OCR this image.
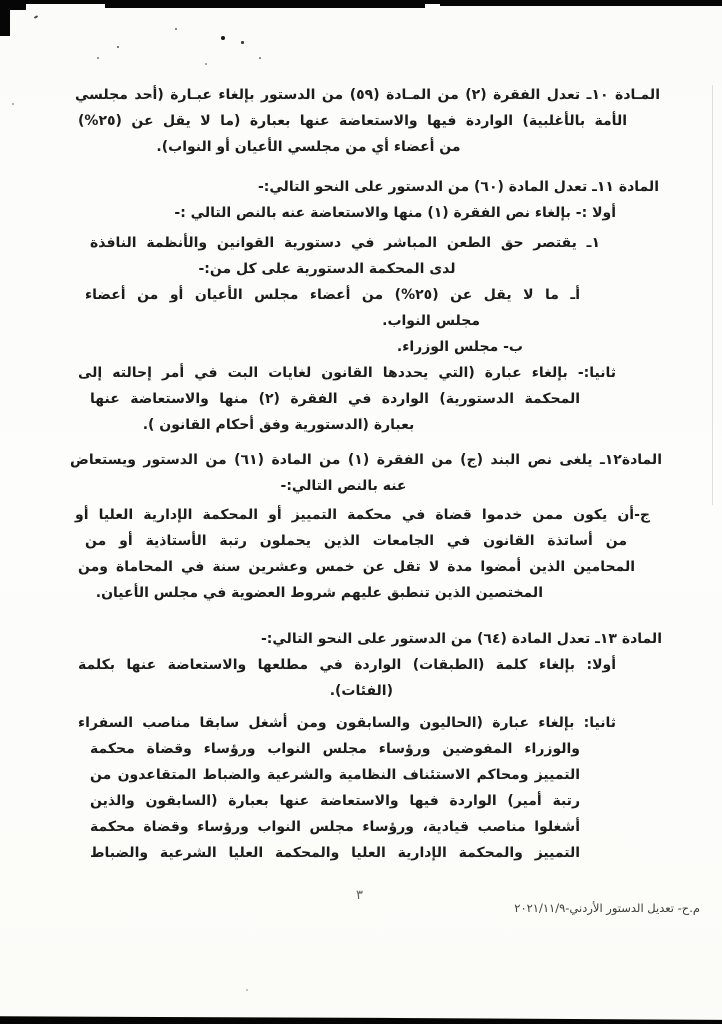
المـادة ١٠ـ تعدل الفقرة (٢) من المـادة (٥٩) من الدستور بإلغاء عبـارة (أحد مجلسي
الأمة بالأغلبية) الواردة فيها والاستعاضة عنها بعبارة (ما لا يقل عن (٢٥%)
من أعضاء أي من مجلسي الأعيان أو النواب).
المادة ١١ـ تعدل المادة (٦٠) من الدستور على النحو التالي:-
أولا :- بإلغاء نص الفقرة (١) منها والاستعاضة عنه بالنص التالي :-
١ـ يقتصر حق الطعن المباشر في دستورية القوانين والأنظمة النافذة
لدى المحكمة الدستورية على كل من:-
أـ ما لا يقل عن (٢٥%) من أعضاء مجلس الأعيان أو من أعضاء
مجلس النواب.
ب- مجلس الوزراء.
ثانيا:- بإلغاء عبارة (التي يحددها القانون لغايات البت في أمر إحالته إلى
المحكمة الدستورية) الواردة في الفقرة (٢) منها والاستعاضة عنها
بعبارة (الدستورية وفق أحكام القانون ).
المادة١٢ـ يلغى نص البند (ج) من الفقرة (١) من المادة (٦١) من الدستور ويستعاض
عنه بالنص التالي:-
ج-أن يكون ممن خدموا قضاة في محكمة التمييز أو المحكمة الإدارية العليا أو
من أساتذة القانون في الجامعات الذين يحملون رتبة الأستاذية أو من
المحامين الذين أمضوا مدة لا تقل عن خمس وعشرين سنة في المحاماة ومن
المختصين الذين تنطبق عليهم شروط العضوية في مجلس الأعيان.
المادة ١٣ـ تعدل المادة (٦٤) من الدستور على النحو التالي:-
أولا: بإلغاء كلمة (الطبقات) الواردة في مطلعها والاستعاضة عنها بكلمة
(الفئات).
ثانيا: بإلغاء عبارة (الحاليون والسابقون ومن أشغل سابقا مناصب السفراء
والوزراء المفوضين ورؤساء مجلس النواب ورؤساء وقضاة محكمة
التمييز ومحاكم الاستئناف النظامية والشرعية والضباط المتقاعدون من
رتبة أمير) الواردة فيها والاستعاضة عنها بعبارة (السابقون والذين
أشغلوا مناصب قيادية، ورؤساء مجلس النواب ورؤساء وقضاة محكمة
التمييز والمحكمة الإدارية العليا والمحكمة العليا الشرعية والضباط
٣
م.ح- تعديل الدستور الأردني-٢٠٢١/١١/٩
